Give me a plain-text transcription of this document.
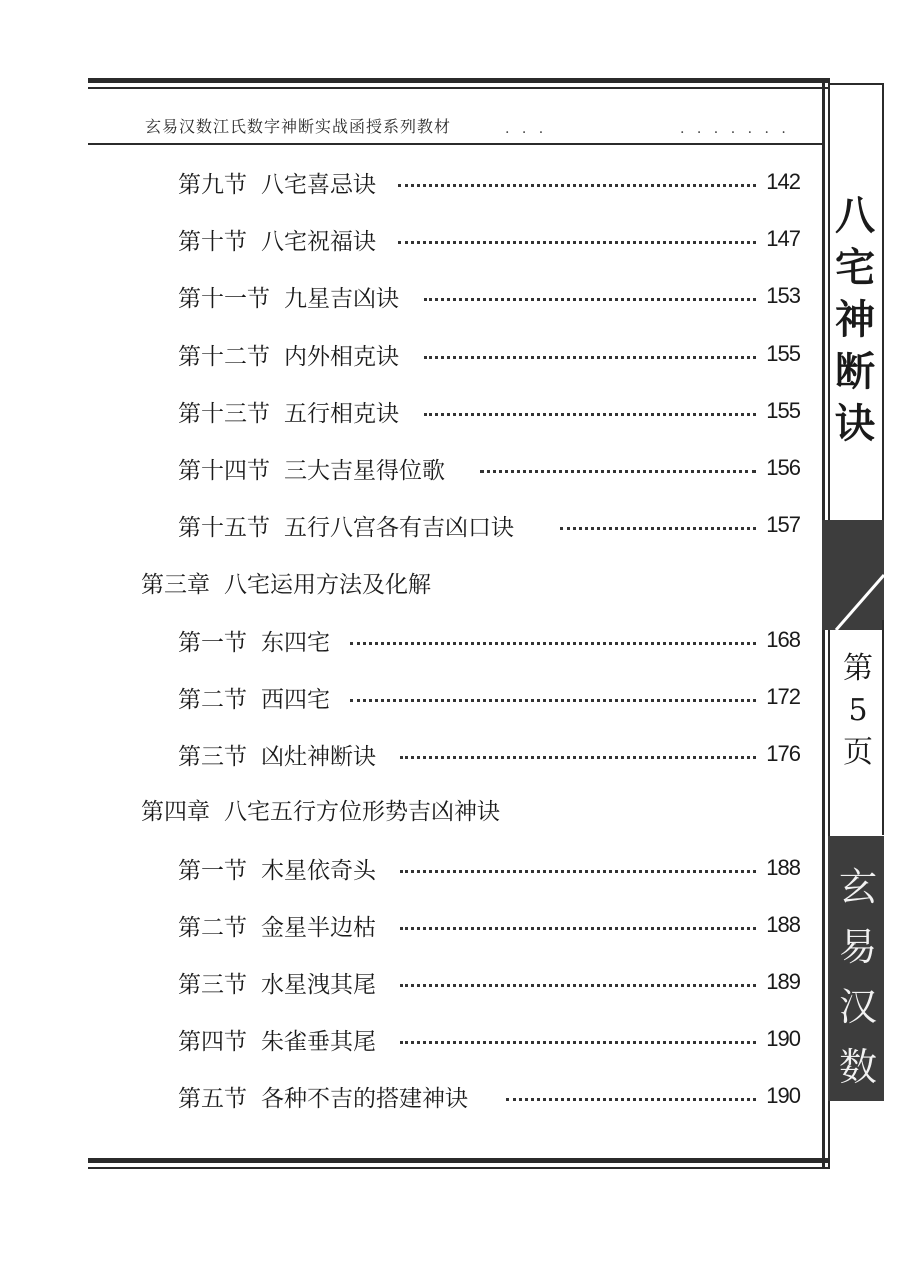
玄易汉数江氏数字神断实战函授系列教材	. . .	. . . . . . .
八
宅
神
断
诀
第
5
页
玄
易
汉
数
第九节 八宅喜忌诀	142
第十节 八宅祝福诀	147
第十一节 九星吉凶诀	153
第十二节 内外相克诀	155
第十三节 五行相克诀	155
第十四节 三大吉星得位歌	156
第十五节 五行八宫各有吉凶口诀	157
第三章 八宅运用方法及化解
第一节 东四宅	168
第二节 西四宅	172
第三节 凶灶神断诀	176
第四章 八宅五行方位形势吉凶神诀
第一节 木星依奇头	188
第二节 金星半边枯	188
第三节 水星洩其尾	189
第四节 朱雀垂其尾	190
第五节 各种不吉的搭建神诀	190
